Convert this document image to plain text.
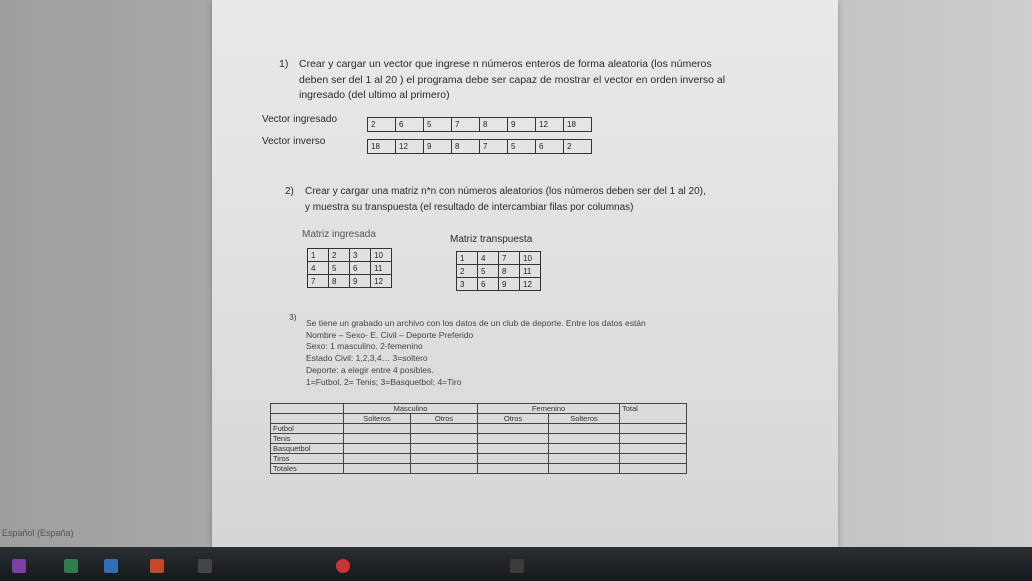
1) Crear y cargar un vector que ingrese n números enteros de forma aleatoria (los números
deben ser del 1 al 20 ) el programa debe ser capaz de mostrar el vector en orden inverso al
ingresado (del ultimo al primero)
Vector ingresado
Vector inverso
2	6	5	7	8	9	12	18
18	12	9	8	7	5	6	2
2) Crear y cargar una matriz n*n con números aleatorios (los números deben ser del 1 al 20),
y muestra su transpuesta (el resultado de intercambiar filas por columnas)
Matriz ingresada	Matriz transpuesta
1	2	3	10
4	5	6	11
7	8	9	12
1	4	7	10
2	5	8	11
3	6	9	12
3)
Se tiene un grabado un archivo con los datos de un club de deporte. Entre los datos están
Nombre – Sexo- E. Civil – Deporte Preferido
Sexo: 1 masculino. 2-femenino
Estado Civil: 1,2,3,4… 3=soltero
Deporte: a elegir entre 4 posibles.
1=Futbol, 2= Tenis; 3=Basquetbol; 4=Tiro
	Masculino		Femenino		Total
	Solteros	Otros	Otros	Solteros	
Futbol					
Tenis					
Basquetbol					
Tiros					
Totales					
Español (España)
